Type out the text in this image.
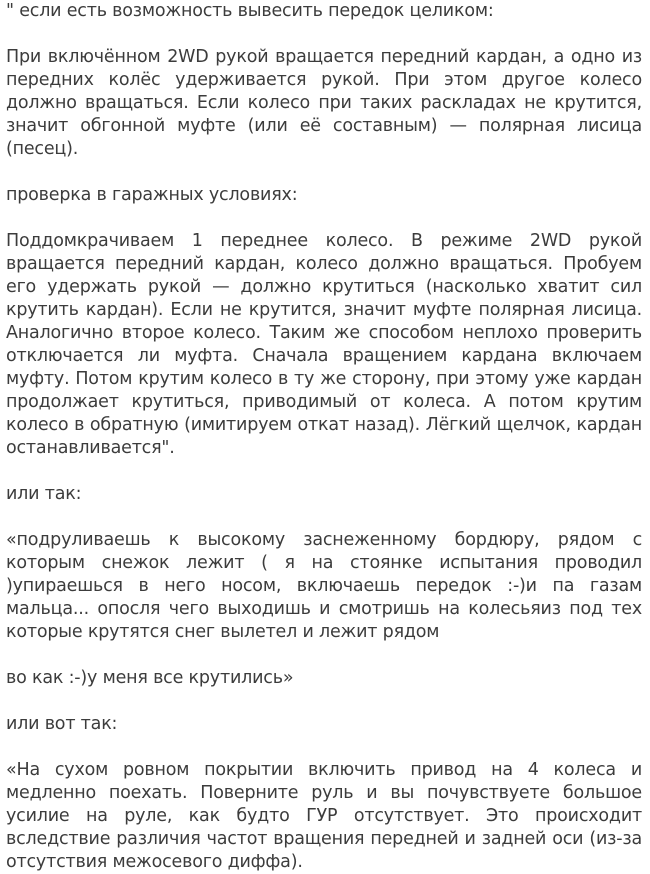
" если есть возможность вывесить передок целиком:

При включённом 2WD рукой вращается передний кардан, а одно из передних колёс удерживается рукой. При этом другое колесо должно вращаться. Если колесо при таких раскладах не крутится, значит обгонной муфте (или её составным) — полярная лисица (песец).

проверка в гаражных условиях:

Поддомкрачиваем 1 переднее колесо. В режиме 2WD рукой вращается передний кардан, колесо должно вращаться. Пробуем его удержать рукой — должно крутиться (насколько хватит сил крутить кардан). Если не крутится, значит муфте полярная лисица. Аналогично второе колесо. Таким же способом неплохо проверить отключается ли муфта. Сначала вращением кардана включаем муфту. Потом крутим колесо в ту же сторону, при этому уже кардан продолжает крутиться, приводимый от колеса. А потом крутим колесо в обратную (имитируем откат назад). Лёгкий щелчок, кардан останавливается".

или так:

«подруливаешь к высокому заснеженному бордюру, рядом с которым снежок лежит ( я на стоянке испытания проводил )упираешься в него носом, включаешь передок :-)и па газам мальца... опосля чего выходишь и смотришь на колесьяиз под тех которые крутятся снег вылетел и лежит рядом

во как :-)у меня все крутились»

или вот так:

«На сухом ровном покрытии включить привод на 4 колеса и медленно поехать. Поверните руль и вы почувствуете большое усилие на руле, как будто ГУР отсутствует. Это происходит вследствие различия частот вращения передней и задней оси (из-за отсутствия межосевого диффа).
